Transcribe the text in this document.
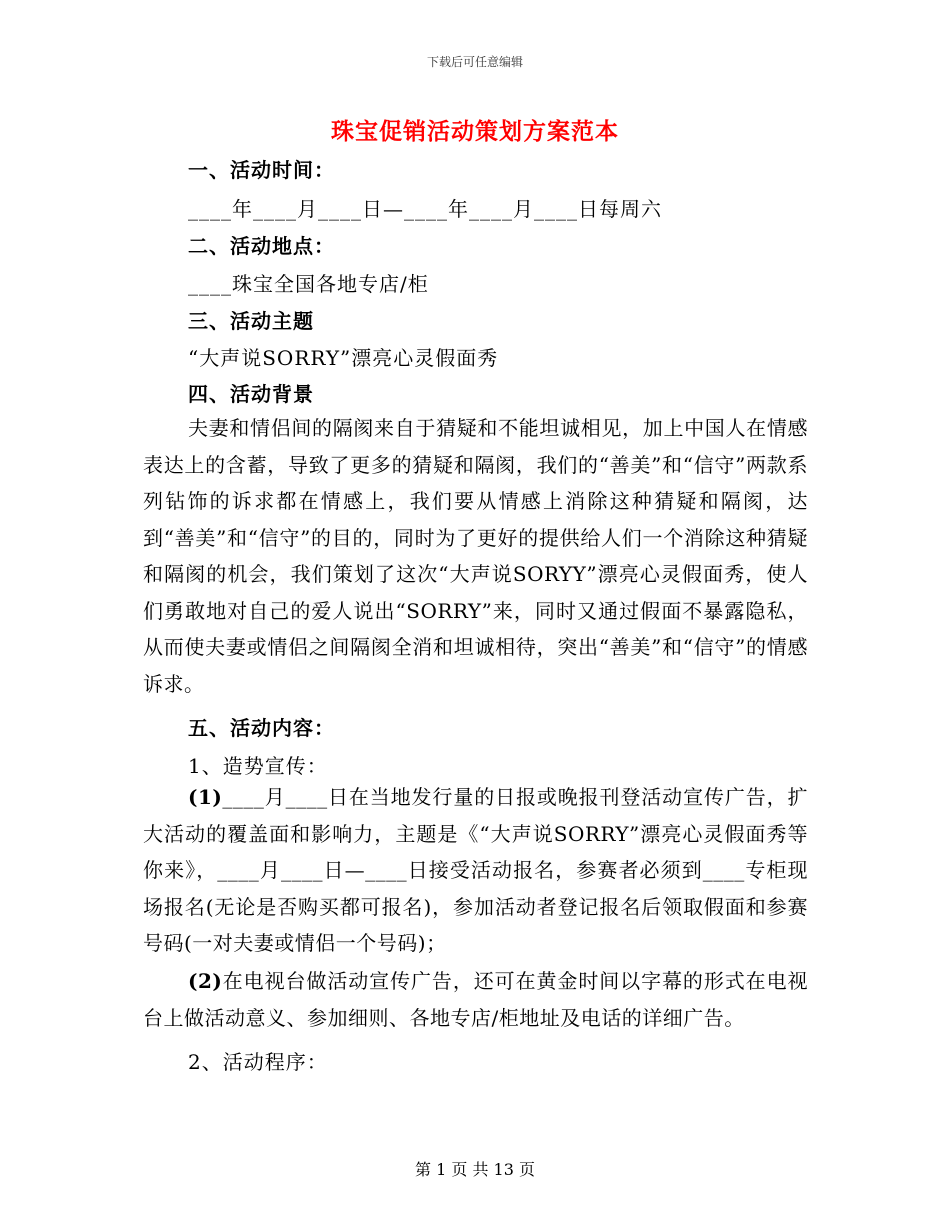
下载后可任意编辑
珠宝促销活动策划方案范本
一、活动时间：
____年____月____日—____年____月____日每周六
二、活动地点：
____珠宝全国各地专店/柜
三、活动主题
“大声说SORRY”漂亮心灵假面秀
四、活动背景
夫妻和情侣间的隔阂来自于猜疑和不能坦诚相见，加上中国人在情感表达上的含蓄，导致了更多的猜疑和隔阂，我们的“善美”和“信守”两款系列钻饰的诉求都在情感上，我们要从情感上消除这种猜疑和隔阂，达到“善美”和“信守”的目的，同时为了更好的提供给人们一个消除这种猜疑和隔阂的机会，我们策划了这次“大声说SORYY”漂亮心灵假面秀，使人们勇敢地对自己的爱人说出“SORRY”来，同时又通过假面不暴露隐私，从而使夫妻或情侣之间隔阂全消和坦诚相待，突出“善美”和“信守”的情感诉求。
五、活动内容：
1、造势宣传：
(1)____月____日在当地发行量的日报或晚报刊登活动宣传广告，扩大活动的覆盖面和影响力，主题是《“大声说SORRY”漂亮心灵假面秀等你来》，____月____日—____日接受活动报名，参赛者必须到____专柜现场报名(无论是否购买都可报名)，参加活动者登记报名后领取假面和参赛号码(一对夫妻或情侣一个号码)；
(2)在电视台做活动宣传广告，还可在黄金时间以字幕的形式在电视台上做活动意义、参加细则、各地专店/柜地址及电话的详细广告。
2、活动程序：
第 1 页 共 13 页
